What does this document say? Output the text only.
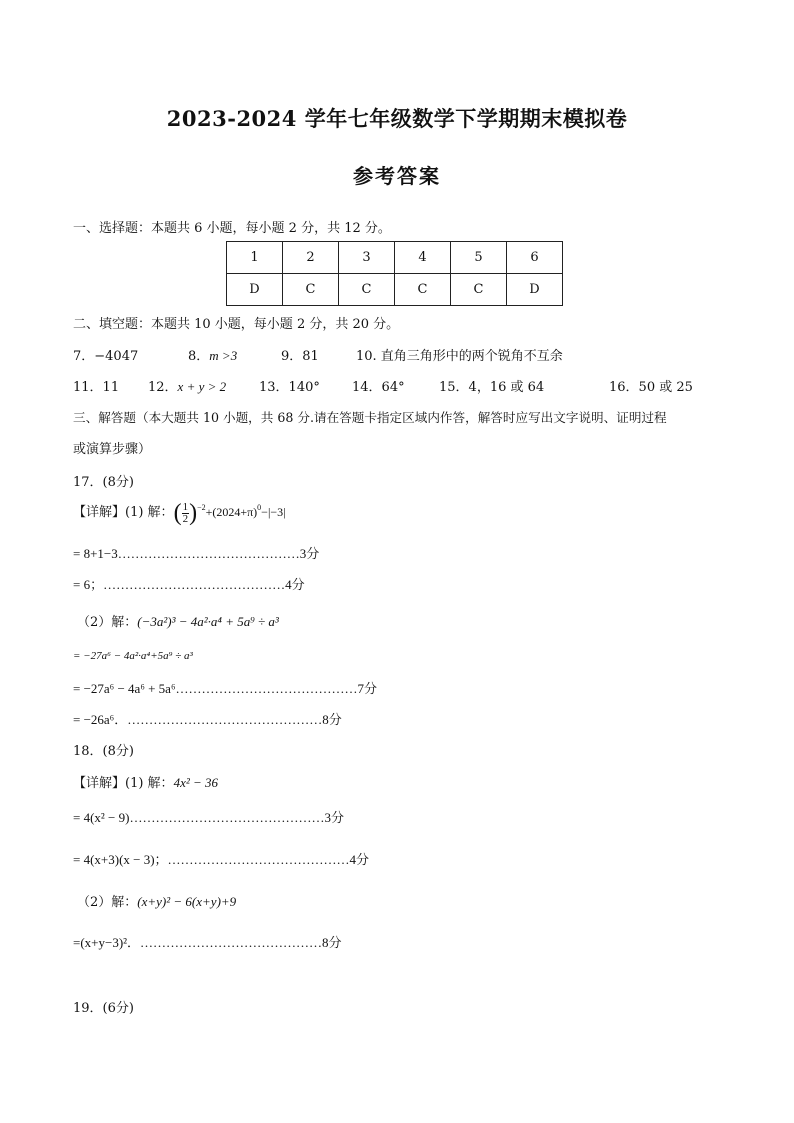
2023-2024 学年七年级数学下学期期末模拟卷
参考答案
一、选择题：本题共 6 小题，每小题 2 分，共 12 分。
1	2	3	4	5	6
D	C	C	C	C	D
二、填空题：本题共 10 小题，每小题 2 分，共 20 分。
7．−4047	8．m >3	9．81	10. 直角三角形中的两个锐角不互余
11．11 12．x + y > 2	13．140° 14．64°	15．4，16 或 64	16．50 或 25
三、解答题（本大题共 10 小题，共 68 分.请在答题卡指定区域内作答，解答时应写出文字说明、证明过程
或演算步骤）
17．(8分)
【详解】(1) 解：( $\frac{1}{2} )^{-2}+(2024+\pi)^0-|-3|$
= 8+1−3……………………………………3分
= 6；……………………………………4分
（2）解：(−3a²)³ − 4a²·a⁴ + 5a⁹ ÷ a³
= −27a⁶ − 4a²·a⁴+5a⁹ ÷ a³
= −27a⁶ − 4a⁶ + 5a⁶……………………………………7分
= −26a⁶．………………………………………8分
18．(8分)
【详解】(1) 解：4x² − 36
= 4(x² − 9)………………………………………3分
= 4(x+3)(x − 3)；……………………………………4分
（2）解：(x+y)² − 6(x+y)+9
=(x+y−3)²．……………………………………8分
19．(6分)
